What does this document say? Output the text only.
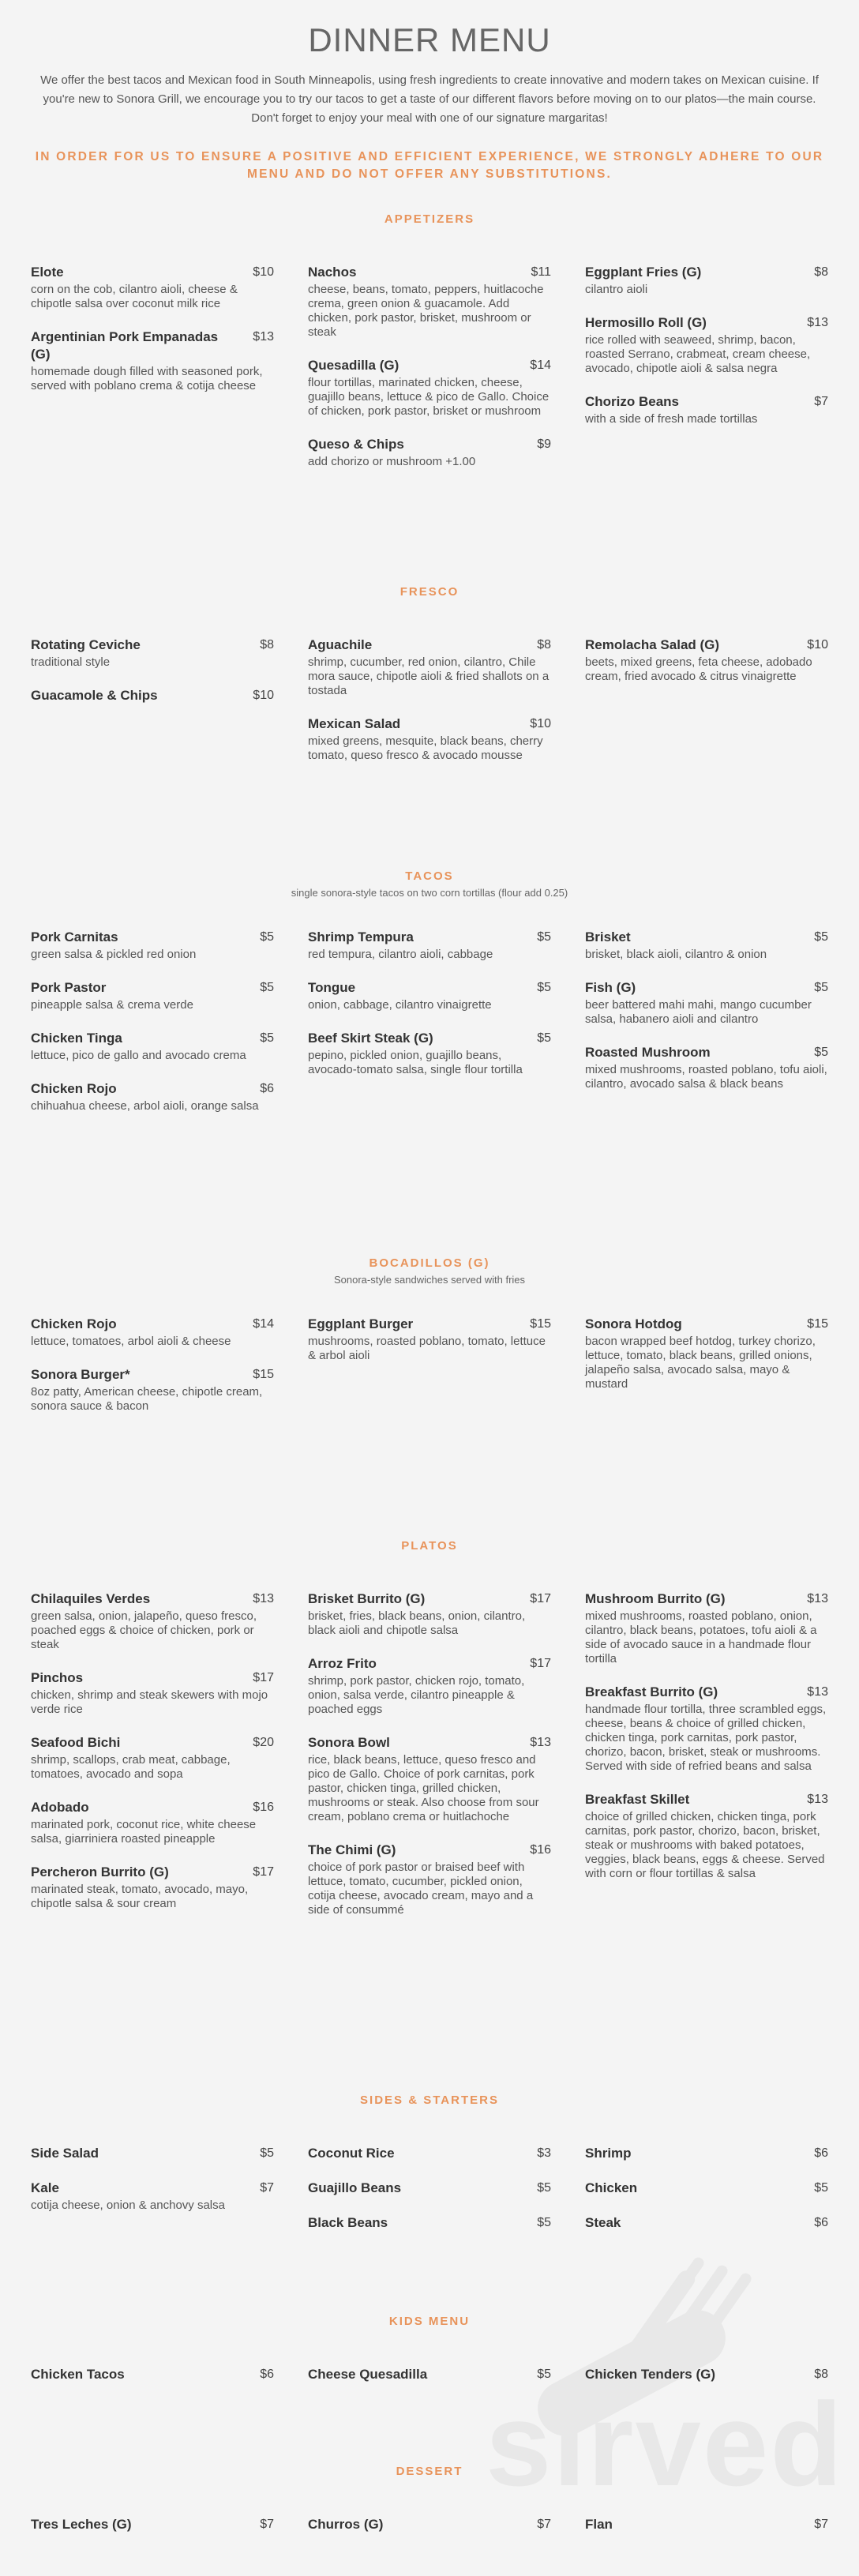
DINNER MENU

We offer the best tacos and Mexican food in South Minneapolis, using fresh ingredients to create innovative and modern takes on Mexican cuisine. If you're new to Sonora Grill, we encourage you to try our tacos to get a taste of our different flavors before moving on to our platos—the main course. Don't forget to enjoy your meal with one of our signature margaritas!

IN ORDER FOR US TO ENSURE A POSITIVE AND EFFICIENT EXPERIENCE, WE STRONGLY ADHERE TO OUR MENU AND DO NOT OFFER ANY SUBSTITUTIONS.

sirved
APPETIZERS
Elote	$10
corn on the cob, cilantro aioli, cheese & chipotle salsa over coconut milk rice
Argentinian Pork Empanadas (G)
$13
homemade dough filled with seasoned pork, served with poblano crema & cotija cheese
Nachos	$11
cheese, beans, tomato, peppers, huitlacoche crema, green onion & guacamole. Add chicken, pork pastor, brisket, mushroom or steak
Quesadilla (G)	$14
flour tortillas, marinated chicken, cheese, guajillo beans, lettuce & pico de Gallo. Choice of chicken, pork pastor, brisket or mushroom
Queso & Chips	$9
add chorizo or mushroom +1.00
Eggplant Fries (G)	$8
cilantro aioli
Hermosillo Roll (G)	$13
rice rolled with seaweed, shrimp, bacon, roasted Serrano, crabmeat, cream cheese, avocado, chipotle aioli & salsa negra
Chorizo Beans	$7
with a side of fresh made tortillas
FRESCO
Rotating Ceviche	$8
traditional style
Guacamole & Chips	$10
Aguachile	$8
shrimp, cucumber, red onion, cilantro, Chile mora sauce, chipotle aioli & fried shallots on a tostada
Mexican Salad	$10
mixed greens, mesquite, black beans, cherry tomato, queso fresco & avocado mousse
Remolacha Salad (G)	$10
beets, mixed greens, feta cheese, adobado cream, fried avocado & citrus vinaigrette
TACOS
single sonora-style tacos on two corn tortillas (flour add 0.25)
Pork Carnitas	$5
green salsa & pickled red onion
Pork Pastor	$5
pineapple salsa & crema verde
Chicken Tinga	$5
lettuce, pico de gallo and avocado crema
Chicken Rojo	$6
chihuahua cheese, arbol aioli, orange salsa
Shrimp Tempura	$5
red tempura, cilantro aioli, cabbage
Tongue	$5
onion, cabbage, cilantro vinaigrette
Beef Skirt Steak (G)	$5
pepino, pickled onion, guajillo beans, avocado-tomato salsa, single flour tortilla
Brisket	$5
brisket, black aioli, cilantro & onion
Fish (G)	$5
beer battered mahi mahi, mango cucumber salsa, habanero aioli and cilantro
Roasted Mushroom	$5
mixed mushrooms, roasted poblano, tofu aioli, cilantro, avocado salsa & black beans
BOCADILLOS (G)
Sonora-style sandwiches served with fries
Chicken Rojo	$14
lettuce, tomatoes, arbol aioli & cheese
Sonora Burger*	$15
8oz patty, American cheese, chipotle cream, sonora sauce & bacon
Eggplant Burger	$15
mushrooms, roasted poblano, tomato, lettuce & arbol aioli
Sonora Hotdog	$15
bacon wrapped beef hotdog, turkey chorizo, lettuce, tomato, black beans, grilled onions, jalapeño salsa, avocado salsa, mayo & mustard
PLATOS
Chilaquiles Verdes	$13
green salsa, onion, jalapeño, queso fresco, poached eggs & choice of chicken, pork or steak
Pinchos	$17
chicken, shrimp and steak skewers with mojo verde rice
Seafood Bichi	$20
shrimp, scallops, crab meat, cabbage, tomatoes, avocado and sopa
Adobado	$16
marinated pork, coconut rice, white cheese salsa, giarriniera roasted pineapple
Percheron Burrito (G)	$17
marinated steak, tomato, avocado, mayo, chipotle salsa & sour cream
Brisket Burrito (G)	$17
brisket, fries, black beans, onion, cilantro, black aioli and chipotle salsa
Arroz Frito	$17
shrimp, pork pastor, chicken rojo, tomato, onion, salsa verde, cilantro pineapple & poached eggs
Sonora Bowl	$13
rice, black beans, lettuce, queso fresco and pico de Gallo. Choice of pork carnitas, pork pastor, chicken tinga, grilled chicken, mushrooms or steak. Also choose from sour cream, poblano crema or huitlachoche
The Chimi (G)	$16
choice of pork pastor or braised beef with lettuce, tomato, cucumber, pickled onion, cotija cheese, avocado cream, mayo and a side of consummé
Mushroom Burrito (G)	$13
mixed mushrooms, roasted poblano, onion, cilantro, black beans, potatoes, tofu aioli & a side of avocado sauce in a handmade flour tortilla
Breakfast Burrito (G)	$13
handmade flour tortilla, three scrambled eggs, cheese, beans & choice of grilled chicken, chicken tinga, pork carnitas, pork pastor, chorizo, bacon, brisket, steak or mushrooms. Served with side of refried beans and salsa
Breakfast Skillet	$13
choice of grilled chicken, chicken tinga, pork carnitas, pork pastor, chorizo, bacon, brisket, steak or mushrooms with baked potatoes, veggies, black beans, eggs & cheese. Served with corn or flour tortillas & salsa
SIDES & STARTERS
Side Salad	$5
Kale	$7
cotija cheese, onion & anchovy salsa
Coconut Rice	$3
Guajillo Beans	$5
Black Beans	$5
Shrimp	$6
Chicken	$5
Steak	$6
KIDS MENU
Chicken Tacos	$6	Cheese Quesadilla	$5	Chicken Tenders (G)	$8
DESSERT
Tres Leches (G)	$7	Churros (G)	$7	Flan	$7
